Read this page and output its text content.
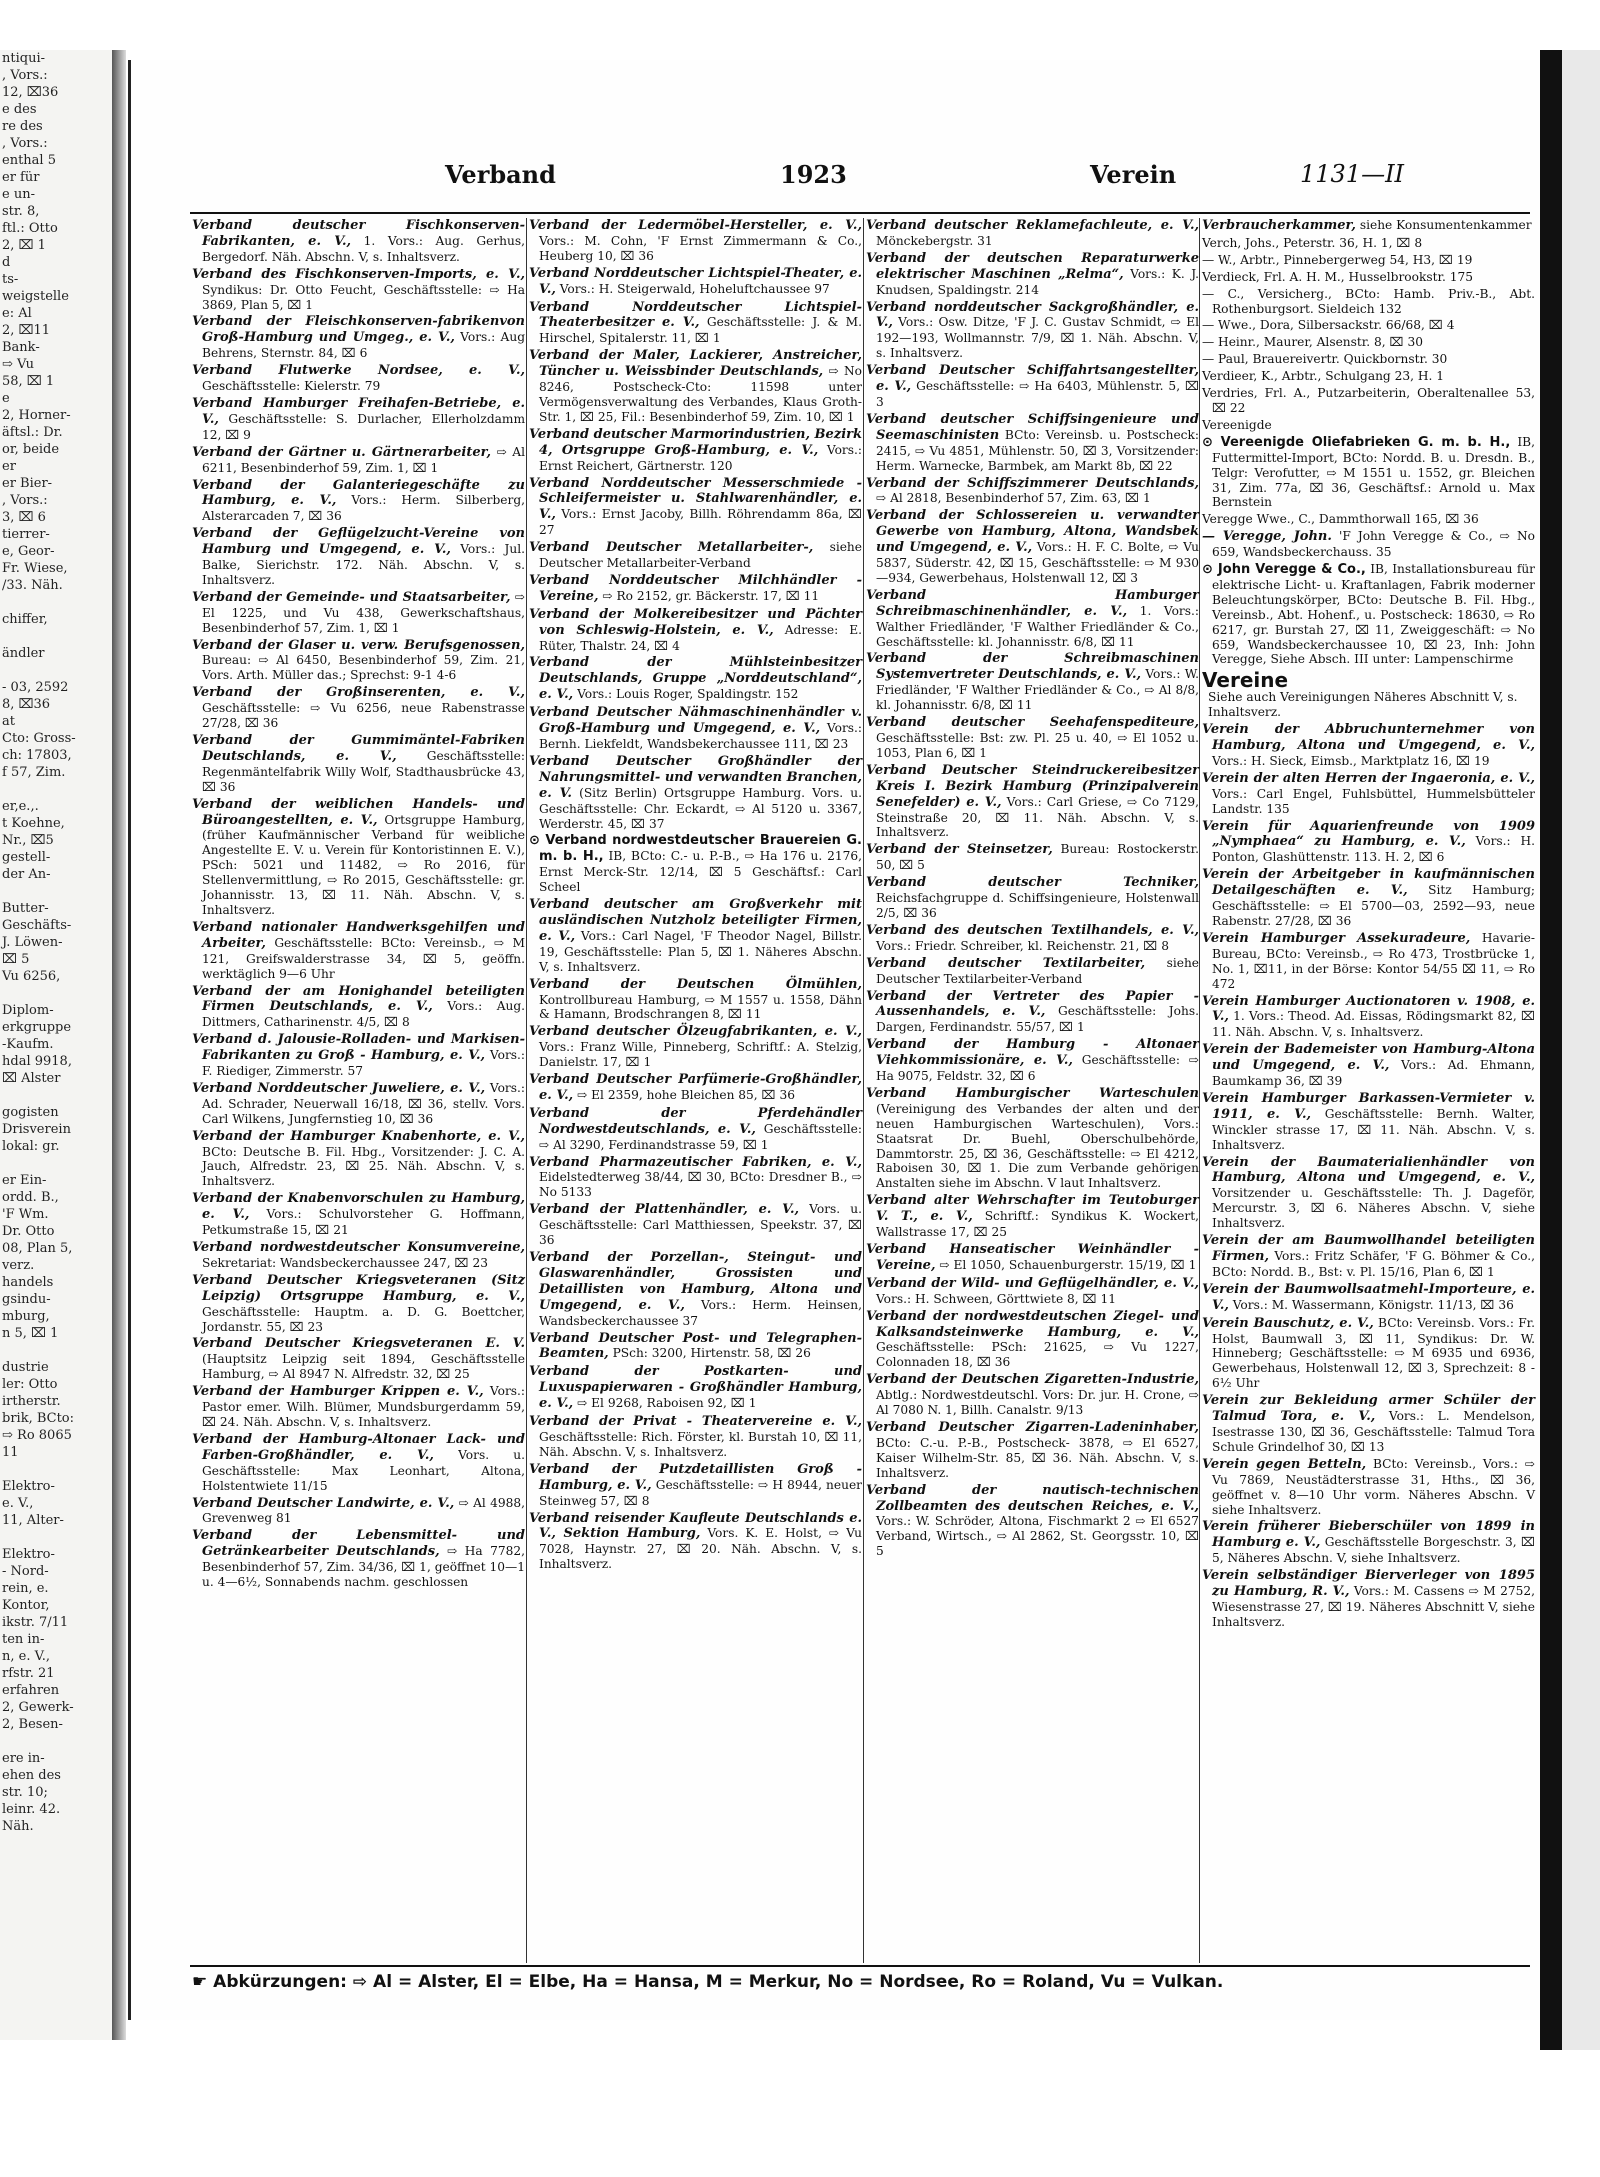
ntiqui-
, Vors.:
12, ⌧36
e des
re des
, Vors.:
enthal 5
er für
e un-
str. 8,
ftl.: Otto
2, ⌧ 1
d
ts-
weigstelle
e: Al
2, ⌧11
Bank-
⇨ Vu
58, ⌧ 1
e
2, Horner-
äftsl.: Dr.
or, beide
er
er Bier-
, Vors.:
3, ⌧ 6
tierrer-
e, Geor-
Fr. Wiese,
/33. Näh.

chiffer,

ändler

- 03, 2592
8, ⌧36
at
Cto: Gross-
ch: 17803,
f 57, Zim.

er,e.,.
t Koehne,
Nr., ⌧5
gestell-
der An-

Butter-
Geschäfts-
J. Löwen-
⌧ 5
Vu 6256,

Diplom-
erkgruppe
-Kaufm.
hdal 9918,
⌧ Alster

gogisten
Drisverein
lokal: gr.

er Ein-
ordd. B.,
'F Wm.
Dr. Otto
08, Plan 5,
verz.
handels
gsindu-
mburg,
n 5, ⌧ 1

dustrie
ler: Otto
irtherstr.
brik, BCto:
⇨ Ro 8065
11

Elektro-
e. V.,
11, Alter-

Elektro-
- Nord-
rein, e.
Kontor,
ikstr. 7/11
ten in-
n, e. V.,
rfstr. 21
erfahren
2, Gewerk-
2, Besen-

ere in-
ehen des
str. 10;
leinr. 42.
Näh.
Verband	1923	Verein	1131—II
Verband deutscher Fischkonserven-Fabrikanten, e. V., 1. Vors.: Aug. Gerhus, Bergedorf. Näh. Abschn. V, s. Inhaltsverz.
Verband des Fischkonserven-Imports, e. V., Syndikus: Dr. Otto Feucht, Geschäftsstelle: ⇨ Ha 3869, Plan 5, ⌧ 1
Verband der Fleischkonserven-fabrikenvon Groß-Hamburg und Umgeg., e. V., Vors.: Aug Behrens, Sternstr. 84, ⌧ 6
Verband Flutwerke Nordsee, e. V., Geschäftsstelle: Kielerstr. 79
Verband Hamburger Freihafen-Betriebe, e. V., Geschäftsstelle: S. Durlacher, Ellerholzdamm 12, ⌧ 9
Verband der Gärtner u. Gärtnerarbeiter, ⇨ Al 6211, Besenbinderhof 59, Zim. 1, ⌧ 1
Verband der Galanteriegeschäfte zu Hamburg, e. V., Vors.: Herm. Silberberg, Alsterarcaden 7, ⌧ 36
Verband der Geflügelzucht-Vereine von Hamburg und Umgegend, e. V., Vors.: Jul. Balke, Sierichstr. 172. Näh. Abschn. V, s. Inhaltsverz.
Verband der Gemeinde- und Staatsarbeiter, ⇨ El 1225, und Vu 438, Gewerkschaftshaus, Besenbinderhof 57, Zim. 1, ⌧ 1
Verband der Glaser u. verw. Berufsgenossen, Bureau: ⇨ Al 6450, Besenbinderhof 59, Zim. 21, Vors. Arth. Müller das.; Sprechst: 9-1 4-6
Verband der Großinserenten, e. V., Geschäftsstelle: ⇨ Vu 6256, neue Rabenstrasse 27/28, ⌧ 36
Verband der Gummimäntel-Fabriken Deutschlands, e. V., Geschäftsstelle: Regenmäntelfabrik Willy Wolf, Stadthausbrücke 43, ⌧ 36
Verband der weiblichen Handels- und Büroangestellten, e. V., Ortsgruppe Hamburg, (früher Kaufmännischer Verband für weibliche Angestellte E. V. u. Verein für Kontoristinnen E. V.), PSch: 5021 und 11482, ⇨ Ro 2016, für Stellenvermittlung, ⇨ Ro 2015, Geschäftsstelle: gr. Johannisstr. 13, ⌧ 11. Näh. Abschn. V, s. Inhaltsverz.
Verband nationaler Handwerksgehilfen und Arbeiter, Geschäftsstelle: BCto: Vereinsb., ⇨ M 121, Greifswalderstrasse 34, ⌧ 5, geöffn. werktäglich 9—6 Uhr
Verband der am Honighandel beteiligten Firmen Deutschlands, e. V., Vors.: Aug. Dittmers, Catharinenstr. 4/5, ⌧ 8
Verband d. Jalousie-Rolladen- und Markisen-Fabrikanten zu Groß - Hamburg, e. V., Vors.: F. Riediger, Zimmerstr. 57
Verband Norddeutscher Juweliere, e. V., Vors.: Ad. Schrader, Neuerwall 16/18, ⌧ 36, stellv. Vors. Carl Wilkens, Jungfernstieg 10, ⌧ 36
Verband der Hamburger Knabenhorte, e. V., BCto: Deutsche B. Fil. Hbg., Vorsitzender: J. C. A. Jauch, Alfredstr. 23, ⌧ 25. Näh. Abschn. V, s. Inhaltsverz.
Verband der Knabenvorschulen zu Hamburg, e. V., Vors.: Schulvorsteher G. Hoffmann, Petkumstraße 15, ⌧ 21
Verband nordwestdeutscher Konsumvereine, Sekretariat: Wandsbeckerchaussee 247, ⌧ 23
Verband Deutscher Kriegsveteranen (Sitz Leipzig) Ortsgruppe Hamburg, e. V., Geschäftsstelle: Hauptm. a. D. G. Boettcher, Jordanstr. 55, ⌧ 23
Verband Deutscher Kriegsveteranen E. V. (Hauptsitz Leipzig seit 1894, Geschäftsstelle Hamburg, ⇨ Al 8947 N. Alfredstr. 32, ⌧ 25
Verband der Hamburger Krippen e. V., Vors.: Pastor emer. Wilh. Blümer, Mundsburgerdamm 59, ⌧ 24. Näh. Abschn. V, s. Inhaltsverz.
Verband der Hamburg-Altonaer Lack- und Farben-Großhändler, e. V., Vors. u. Geschäftsstelle: Max Leonhart, Altona, Holstentwiete 11/15
Verband Deutscher Landwirte, e. V., ⇨ Al 4988, Grevenweg 81
Verband der Lebensmittel- und Getränkearbeiter Deutschlands, ⇨ Ha 7782, Besenbinderhof 57, Zim. 34/36, ⌧ 1, geöffnet 10—1 u. 4—6½, Sonnabends nachm. geschlossen
Verband der Ledermöbel-Hersteller, e. V., Vors.: M. Cohn, 'F Ernst Zimmermann & Co., Heuberg 10, ⌧ 36
Verband Norddeutscher Lichtspiel-Theater, e. V., Vors.: H. Steigerwald, Hoheluftchaussee 97
Verband Norddeutscher Lichtspiel-Theaterbesitzer e. V., Geschäftsstelle: J. & M. Hirschel, Spitalerstr. 11, ⌧ 1
Verband der Maler, Lackierer, Anstreicher, Tüncher u. Weissbinder Deutschlands, ⇨ No 8246, Postscheck-Cto: 11598 unter Vermögensverwaltung des Verbandes, Klaus Groth-Str. 1, ⌧ 25, Fil.: Besenbinderhof 59, Zim. 10, ⌧ 1
Verband deutscher Marmorindustrien, Bezirk 4, Ortsgruppe Groß-Hamburg, e. V., Vors.: Ernst Reichert, Gärtnerstr. 120
Verband Norddeutscher Messerschmiede - Schleifermeister u. Stahlwarenhändler, e. V., Vors.: Ernst Jacoby, Billh. Röhrendamm 86a, ⌧ 27
Verband Deutscher Metallarbeiter-, siehe Deutscher Metallarbeiter-Verband
Verband Norddeutscher Milchhändler - Vereine, ⇨ Ro 2152, gr. Bäckerstr. 17, ⌧ 11
Verband der Molkereibesitzer und Pächter von Schleswig-Holstein, e. V., Adresse: E. Rüter, Thalstr. 24, ⌧ 4
Verband der Mühlsteinbesitzer Deutschlands, Gruppe „Norddeutschland“, e. V., Vors.: Louis Roger, Spaldingstr. 152
Verband Deutscher Nähmaschinenhändler v. Groß-Hamburg und Umgegend, e. V., Vors.: Bernh. Liekfeldt, Wandsbekerchaussee 111, ⌧ 23
Verband Deutscher Großhändler der Nahrungsmittel- und verwandten Branchen, e. V. (Sitz Berlin) Ortsgruppe Hamburg. Vors. u. Geschäftsstelle: Chr. Eckardt, ⇨ Al 5120 u. 3367, Werderstr. 45, ⌧ 37
⊙ Verband nordwestdeutscher Brauereien G. m. b. H., IB, BCto: C.- u. P.-B., ⇨ Ha 176 u. 2176, Ernst Merck-Str. 12/14, ⌧ 5 Geschäftsf.: Carl Scheel
Verband deutscher am Großverkehr mit ausländischen Nutzholz beteiligter Firmen, e. V., Vors.: Carl Nagel, 'F Theodor Nagel, Billstr. 19, Geschäftsstelle: Plan 5, ⌧ 1. Näheres Abschn. V, s. Inhaltsverz.
Verband der Deutschen Ölmühlen, Kontrollbureau Hamburg, ⇨ M 1557 u. 1558, Dähn & Hamann, Brodschrangen 8, ⌧ 11
Verband deutscher Ölzeugfabrikanten, e. V., Vors.: Franz Wille, Pinneberg, Schriftf.: A. Stelzig, Danielstr. 17, ⌧ 1
Verband Deutscher Parfümerie-Großhändler, e. V., ⇨ El 2359, hohe Bleichen 85, ⌧ 36
Verband der Pferdehändler Nordwestdeutschlands, e. V., Geschäftsstelle: ⇨ Al 3290, Ferdinandstrasse 59, ⌧ 1
Verband Pharmazeutischer Fabriken, e. V., Eidelstedterweg 38/44, ⌧ 30, BCto: Dresdner B., ⇨ No 5133
Verband der Plattenhändler, e. V., Vors. u. Geschäftsstelle: Carl Matthiessen, Speekstr. 37, ⌧ 36
Verband der Porzellan-, Steingut- und Glaswarenhändler, Grossisten und Detaillisten von Hamburg, Altona und Umgegend, e. V., Vors.: Herm. Heinsen, Wandsbeckerchaussee 37
Verband Deutscher Post- und Telegraphen-Beamten, PSch: 3200, Hirtenstr. 58, ⌧ 26
Verband der Postkarten- und Luxuspapierwaren - Großhändler Hamburg, e. V., ⇨ El 9268, Raboisen 92, ⌧ 1
Verband der Privat - Theatervereine e. V., Geschäftsstelle: Rich. Förster, kl. Burstah 10, ⌧ 11, Näh. Abschn. V, s. Inhaltsverz.
Verband der Putzdetaillisten Groß - Hamburg, e. V., Geschäftsstelle: ⇨ H 8944, neuer Steinweg 57, ⌧ 8
Verband reisender Kaufleute Deutschlands e. V., Sektion Hamburg, Vors. K. E. Holst, ⇨ Vu 7028, Haynstr. 27, ⌧ 20. Näh. Abschn. V, s. Inhaltsverz.
Verband deutscher Reklamefachleute, e. V., Mönckebergstr. 31
Verband der deutschen Reparaturwerke elektrischer Maschinen „Relma“, Vors.: K. J. Knudsen, Spaldingstr. 214
Verband norddeutscher Sackgroßhändler, e. V., Vors.: Osw. Ditze, 'F J. C. Gustav Schmidt, ⇨ El 192—193, Wollmannstr. 7/9, ⌧ 1. Näh. Abschn. V, s. Inhaltsverz.
Verband Deutscher Schiffahrtsangestellter, e. V., Geschäftsstelle: ⇨ Ha 6403, Mühlenstr. 5, ⌧ 3
Verband deutscher Schiffsingenieure und Seemaschinisten BCto: Vereinsb. u. Postscheck: 2415, ⇨ Vu 4851, Mühlenstr. 50, ⌧ 3, Vorsitzender: Herm. Warnecke, Barmbek, am Markt 8b, ⌧ 22
Verband der Schiffszimmerer Deutschlands, ⇨ Al 2818, Besenbinderhof 57, Zim. 63, ⌧ 1
Verband der Schlossereien u. verwandter Gewerbe von Hamburg, Altona, Wandsbek und Umgegend, e. V., Vors.: H. F. C. Bolte, ⇨ Vu 5837, Süderstr. 42, ⌧ 15, Geschäftsstelle: ⇨ M 930—934, Gewerbehaus, Holstenwall 12, ⌧ 3
Verband Hamburger Schreibmaschinenhändler, e. V., 1. Vors.: Walther Friedländer, 'F Walther Friedländer & Co., Geschäftsstelle: kl. Johannisstr. 6/8, ⌧ 11
Verband der Schreibmaschinen Systemvertreter Deutschlands, e. V., Vors.: W. Friedländer, 'F Walther Friedländer & Co., ⇨ Al 8/8, kl. Johannisstr. 6/8, ⌧ 11
Verband deutscher Seehafenspediteure, Geschäftsstelle: Bst: zw. Pl. 25 u. 40, ⇨ El 1052 u. 1053, Plan 6, ⌧ 1
Verband Deutscher Steindruckereibesitzer Kreis I. Bezirk Hamburg (Prinzipalverein Senefelder) e. V., Vors.: Carl Griese, ⇨ Co 7129, Steinstraße 20, ⌧ 11. Näh. Abschn. V, s. Inhaltsverz.
Verband der Steinsetzer, Bureau: Rostockerstr. 50, ⌧ 5
Verband deutscher Techniker, Reichsfachgruppe d. Schiffsingenieure, Holstenwall 2/5, ⌧ 36
Verband des deutschen Textilhandels, e. V., Vors.: Friedr. Schreiber, kl. Reichenstr. 21, ⌧ 8
Verband deutscher Textilarbeiter, siehe Deutscher Textilarbeiter-Verband
Verband der Vertreter des Papier - Aussenhandels, e. V., Geschäftsstelle: Johs. Dargen, Ferdinandstr. 55/57, ⌧ 1
Verband der Hamburg - Altonaer Viehkommissionäre, e. V., Geschäftsstelle: ⇨ Ha 9075, Feldstr. 32, ⌧ 6
Verband Hamburgischer Warteschulen (Vereinigung des Verbandes der alten und der neuen Hamburgischen Warteschulen), Vors.: Staatsrat Dr. Buehl, Oberschulbehörde, Dammtorstr. 25, ⌧ 36, Geschäftsstelle: ⇨ El 4212, Raboisen 30, ⌧ 1. Die zum Verbande gehörigen Anstalten siehe im Abschn. V laut Inhaltsverz.
Verband alter Wehrschafter im Teutoburger V. T., e. V., Schriftf.: Syndikus K. Wockert, Wallstrasse 17, ⌧ 25
Verband Hanseatischer Weinhändler - Vereine, ⇨ El 1050, Schauenburgerstr. 15/19, ⌧ 1
Verband der Wild- und Geflügelhändler, e. V., Vors.: H. Schween, Görttwiete 8, ⌧ 11
Verband der nordwestdeutschen Ziegel- und Kalksandsteinwerke Hamburg, e. V., Geschäftsstelle: PSch: 21625, ⇨ Vu 1227, Colonnaden 18, ⌧ 36
Verband der Deutschen Zigaretten-Industrie, Abtlg.: Nordwestdeutschl. Vors: Dr. jur. H. Crone, ⇨ Al 7080 N. 1, Billh. Canalstr. 9/13
Verband Deutscher Zigarren-Ladeninhaber, BCto: C.-u. P.-B., Postscheck- 3878, ⇨ El 6527, Kaiser Wilhelm-Str. 85, ⌧ 36. Näh. Abschn. V, s. Inhaltsverz.
Verband der nautisch-technischen Zollbeamten des deutschen Reiches, e. V., Vors.: W. Schröder, Altona, Fischmarkt 2 ⇨ El 6527 Verband, Wirtsch., ⇨ Al 2862, St. Georgsstr. 10, ⌧ 5
Verbraucherkammer, siehe Konsumentenkammer
Verch, Johs., Peterstr. 36, H. 1, ⌧ 8
— W., Arbtr., Pinnebergerweg 54, H3, ⌧ 19
Verdieck, Frl. A. H. M., Husselbrookstr. 175
— C., Versicherg., BCto: Hamb. Priv.-B., Abt. Rothenburgsort. Sieldeich 132
— Wwe., Dora, Silbersackstr. 66/68, ⌧ 4
— Heinr., Maurer, Alsenstr. 8, ⌧ 30
— Paul, Brauereivertr. Quickbornstr. 30
Verdieer, K., Arbtr., Schulgang 23, H. 1
Verdries, Frl. A., Putzarbeiterin, Oberaltenallee 53, ⌧ 22
Vereenigde
⊙ Vereenigde Oliefabrieken G. m. b. H., IB, Futtermittel-Import, BCto: Nordd. B. u. Dresdn. B., Telgr: Verofutter, ⇨ M 1551 u. 1552, gr. Bleichen 31, Zim. 77a, ⌧ 36, Geschäftsf.: Arnold u. Max Bernstein
Veregge Wwe., C., Dammthorwall 165, ⌧ 36
— Veregge, John. 'F John Veregge & Co., ⇨ No 659, Wandsbeckerchauss. 35
⊙ John Veregge & Co., IB, Installationsbureau für elektrische Licht- u. Kraftanlagen, Fabrik moderner Beleuchtungskörper, BCto: Deutsche B. Fil. Hbg., Vereinsb., Abt. Hohenf., u. Postscheck: 18630, ⇨ Ro 6217, gr. Burstah 27, ⌧ 11, Zweiggeschäft: ⇨ No 659, Wandsbeckerchaussee 10, ⌧ 23, Inh: John Veregge, Siehe Absch. III unter: Lampenschirme
Vereine
Siehe auch Vereinigungen Näheres Abschnitt V, s. Inhaltsverz.
Verein der Abbruchunternehmer von Hamburg, Altona und Umgegend, e. V., Vors.: H. Sieck, Eimsb., Marktplatz 16, ⌧ 19
Verein der alten Herren der Ingaeronia, e. V., Vors.: Carl Engel, Fuhlsbüttel, Hummelsbütteler Landstr. 135
Verein für Aquarienfreunde von 1909 „Nymphaea“ zu Hamburg, e. V., Vors.: H. Ponton, Glashüttenstr. 113. H. 2, ⌧ 6
Verein der Arbeitgeber in kaufmännischen Detailgeschäften e. V., Sitz Hamburg; Geschäftsstelle: ⇨ El 5700—03, 2592—93, neue Rabenstr. 27/28, ⌧ 36
Verein Hamburger Assekuradeure, Havarie-Bureau, BCto: Vereinsb., ⇨ Ro 473, Trostbrücke 1, No. 1, ⌧11, in der Börse: Kontor 54/55 ⌧ 11, ⇨ Ro 472
Verein Hamburger Auctionatoren v. 1908, e. V., 1. Vors.: Theod. Ad. Eissas, Rödingsmarkt 82, ⌧ 11. Näh. Abschn. V, s. Inhaltsverz.
Verein der Bademeister von Hamburg-Altona und Umgegend, e. V., Vors.: Ad. Ehmann, Baumkamp 36, ⌧ 39
Verein Hamburger Barkassen-Vermieter v. 1911, e. V., Geschäftsstelle: Bernh. Walter, Winckler strasse 17, ⌧ 11. Näh. Abschn. V, s. Inhaltsverz.
Verein der Baumaterialienhändler von Hamburg, Altona und Umgegend, e. V., Vorsitzender u. Geschäftsstelle: Th. J. Dageför, Mercurstr. 3, ⌧ 6. Näheres Abschn. V, siehe Inhaltsverz.
Verein der am Baumwollhandel beteiligten Firmen, Vors.: Fritz Schäfer, 'F G. Böhmer & Co., BCto: Nordd. B., Bst: v. Pl. 15/16, Plan 6, ⌧ 1
Verein der Baumwollsaatmehl-Importeure, e. V., Vors.: M. Wassermann, Königstr. 11/13, ⌧ 36
Verein Bauschutz, e. V., BCto: Vereinsb. Vors.: Fr. Holst, Baumwall 3, ⌧ 11, Syndikus: Dr. W. Hinneberg; Geschäftsstelle: ⇨ M 6935 und 6936, Gewerbehaus, Holstenwall 12, ⌧ 3, Sprechzeit: 8 - 6½ Uhr
Verein zur Bekleidung armer Schüler der Talmud Tora, e. V., Vors.: L. Mendelson, Isestrasse 130, ⌧ 36, Geschäftsstelle: Talmud Tora Schule Grindelhof 30, ⌧ 13
Verein gegen Betteln, BCto: Vereinsb., Vors.: ⇨ Vu 7869, Neustädterstrasse 31, Hths., ⌧ 36, geöffnet v. 8—10 Uhr vorm. Näheres Abschn. V siehe Inhaltsverz.
Verein früherer Bieberschüler von 1899 in Hamburg e. V., Geschäftsstelle Borgeschstr. 3, ⌧ 5, Näheres Abschn. V, siehe Inhaltsverz.
Verein selbständiger Bierverleger von 1895 zu Hamburg, R. V., Vors.: M. Cassens ⇨ M 2752, Wiesenstrasse 27, ⌧ 19. Näheres Abschnitt V, siehe Inhaltsverz.
☛ Abkürzungen: ⇨ Al = Alster, El = Elbe, Ha = Hansa, M = Merkur, No = Nordsee, Ro = Roland, Vu = Vulkan.
